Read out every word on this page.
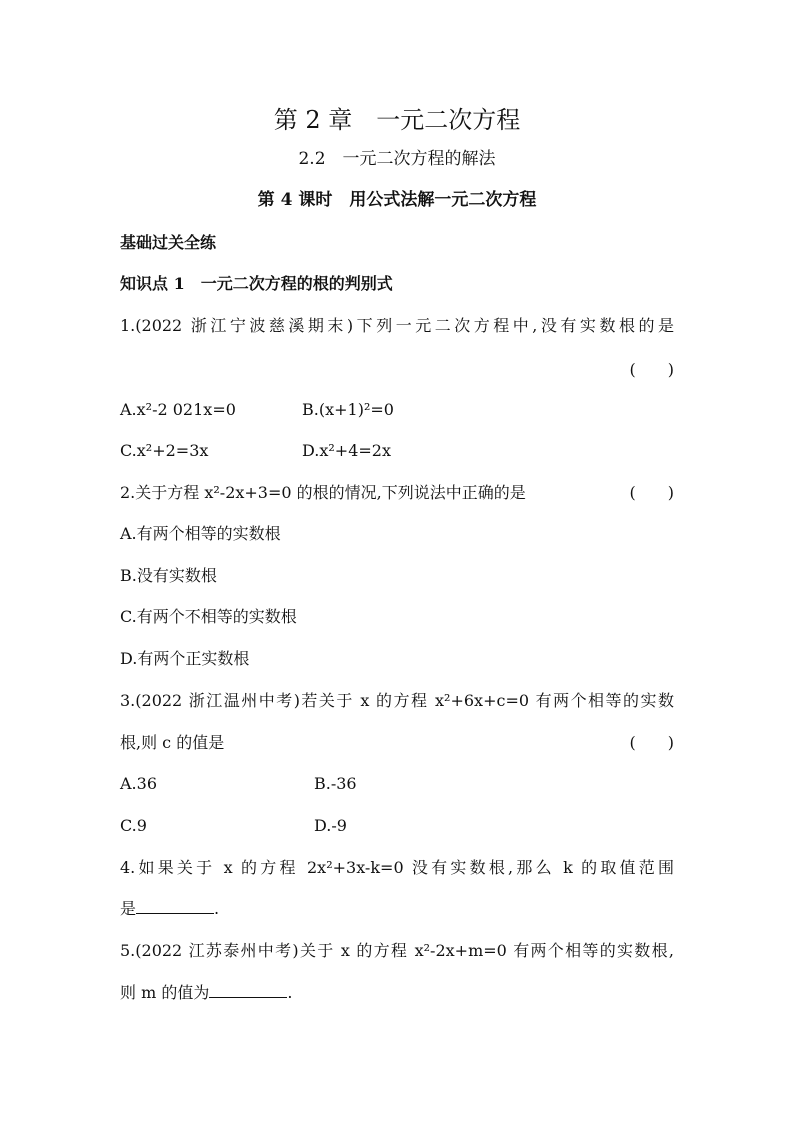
第 2 章　一元二次方程
2.2　一元二次方程的解法
第 4 课时　用公式法解一元二次方程
基础过关全练
知识点 1　一元二次方程的根的判别式
1.(2022 浙江宁波慈溪期末)下列一元二次方程中,没有实数根的是
(　　)
A.x²-2 021x=0	B.(x+1)²=0
C.x²+2=3x	D.x²+4=2x
2.关于方程 x²-2x+3=0 的根的情况,下列说法中正确的是	(　　)
A.有两个相等的实数根
B.没有实数根
C.有两个不相等的实数根
D.有两个正实数根
3.(2022 浙江温州中考)若关于 x 的方程 x²+6x+c=0 有两个相等的实数
根,则 c 的值是	(　　)
A.36	B.-36
C.9	D.-9
4.如果关于 x 的方程 2x²+3x-k=0 没有实数根,那么 k 的取值范围
是	.
5.(2022 江苏泰州中考)关于 x 的方程 x²-2x+m=0 有两个相等的实数根,
则 m 的值为	.
